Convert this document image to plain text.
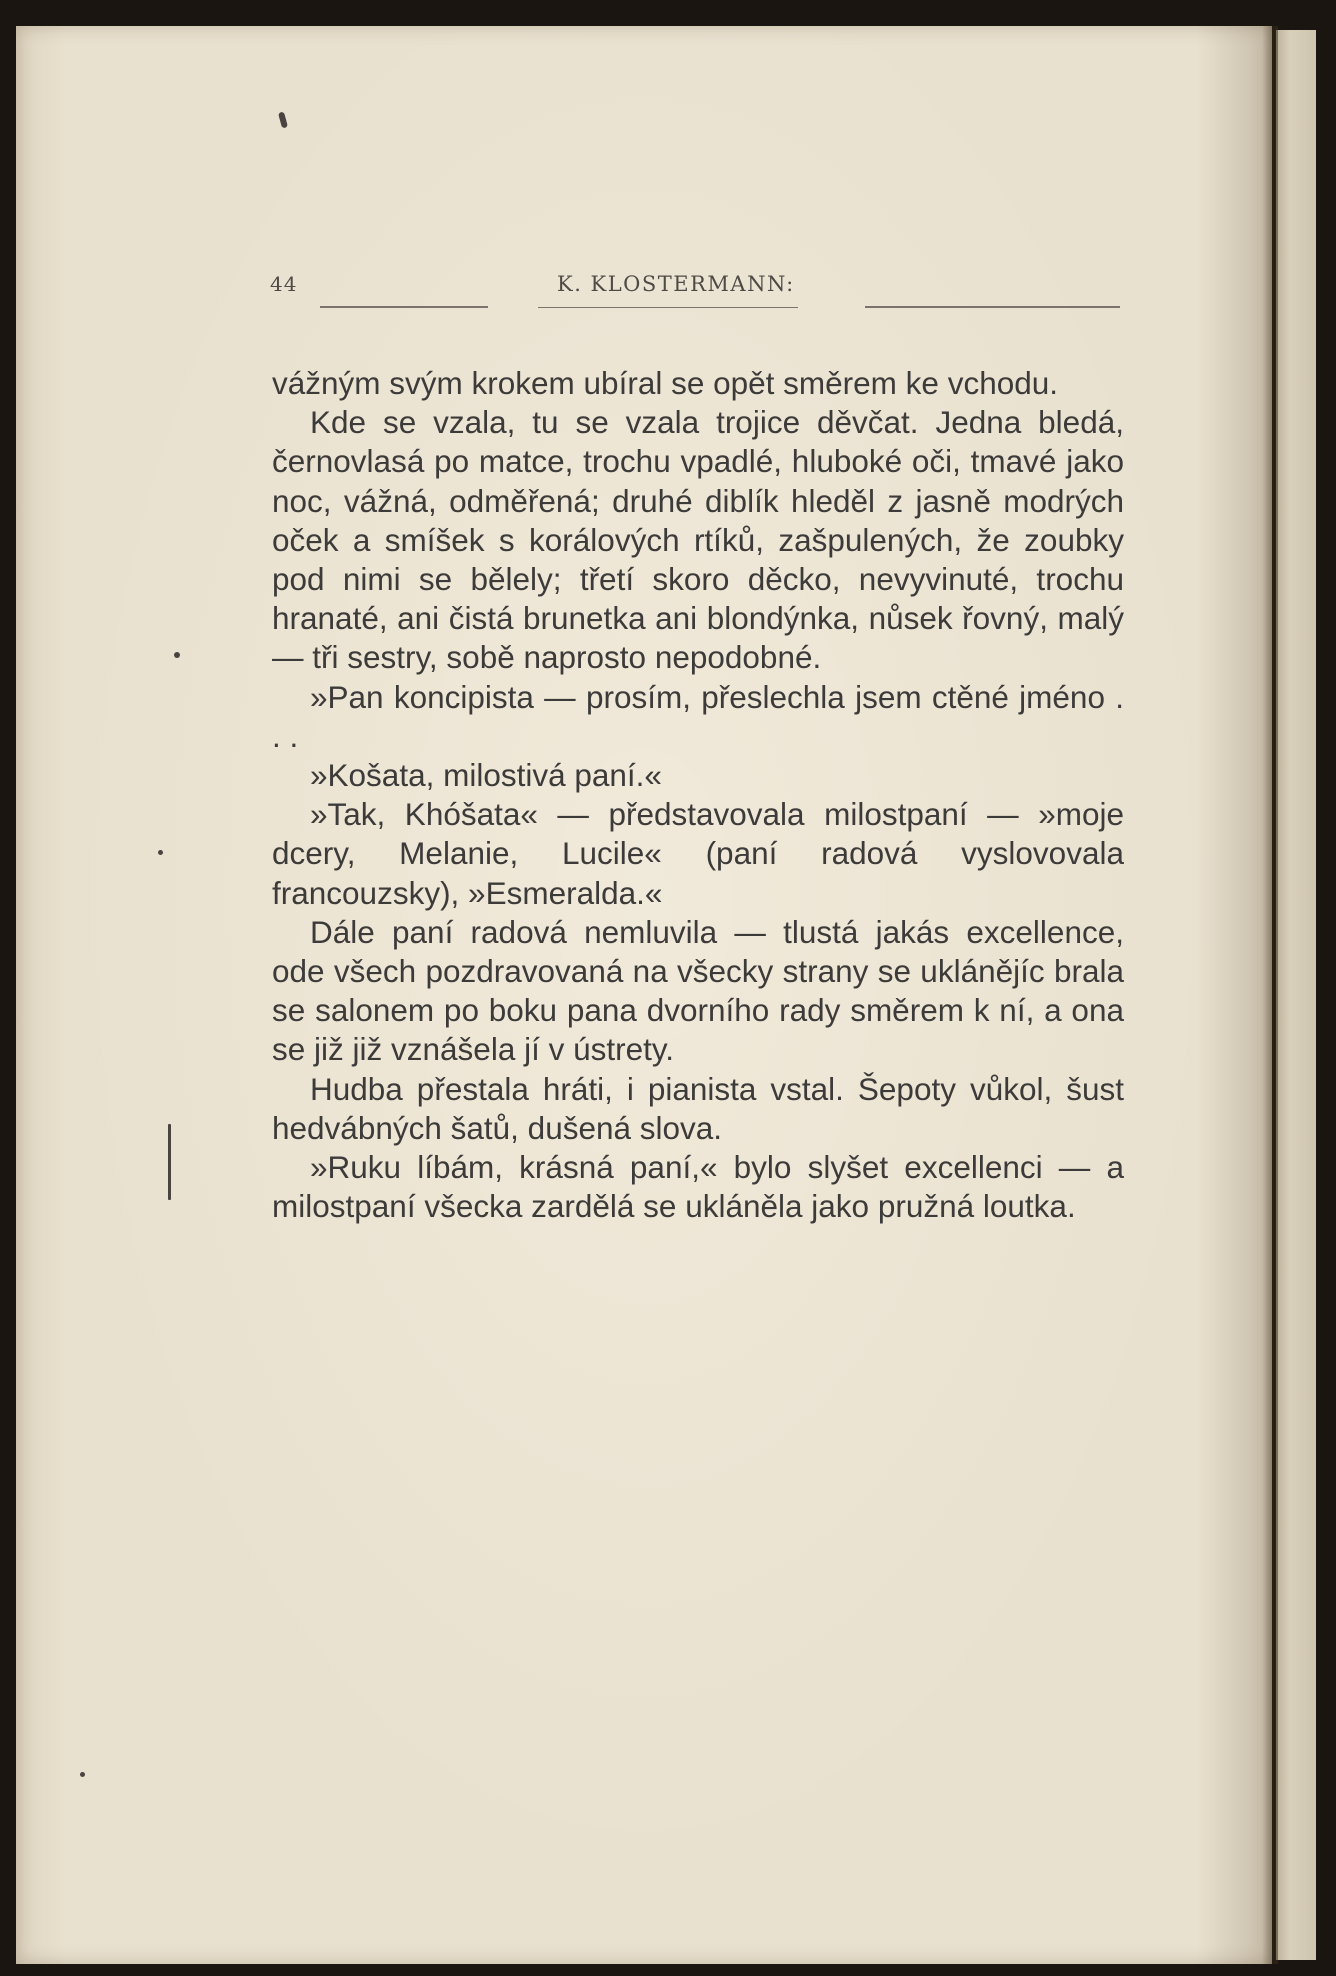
44	K. KLOSTERMANN:

vážným svým krokem ubíral se opět směrem ke vchodu.

Kde se vzala, tu se vzala trojice děvčat. Jedna bledá, černovlasá po matce, trochu vpadlé, hluboké oči, tmavé jako noc, vážná, odměřená; druhé diblík hleděl z jasně modrých oček a smíšek s korálových rtíků, zašpulených, že zoubky pod nimi se bělely; třetí skoro děcko, nevyvinuté, trochu hranaté, ani čistá brunetka ani blondýnka, nůsek řovný, malý — tři sestry, sobě naprosto nepodobné.

»Pan koncipista — prosím, přeslechla jsem ctěné jméno . . .

»Košata, milostivá paní.«

»Tak, Khóšata« — představovala milostpaní — »moje dcery, Melanie, Lucile« (paní radová vyslovovala francouzsky), »Esmeralda.«

Dále paní radová nemluvila — tlustá jakás excellence, ode všech pozdravovaná na všecky strany se uklánějíc brala se salonem po boku pana dvorního rady směrem k ní, a ona se již již vznášela jí v ústrety.

Hudba přestala hráti, i pianista vstal. Šepoty vůkol, šust hedvábných šatů, dušená slova.

»Ruku líbám, krásná paní,« bylo slyšet excellenci — a milostpaní všecka zardělá se ukláněla jako pružná loutka.
